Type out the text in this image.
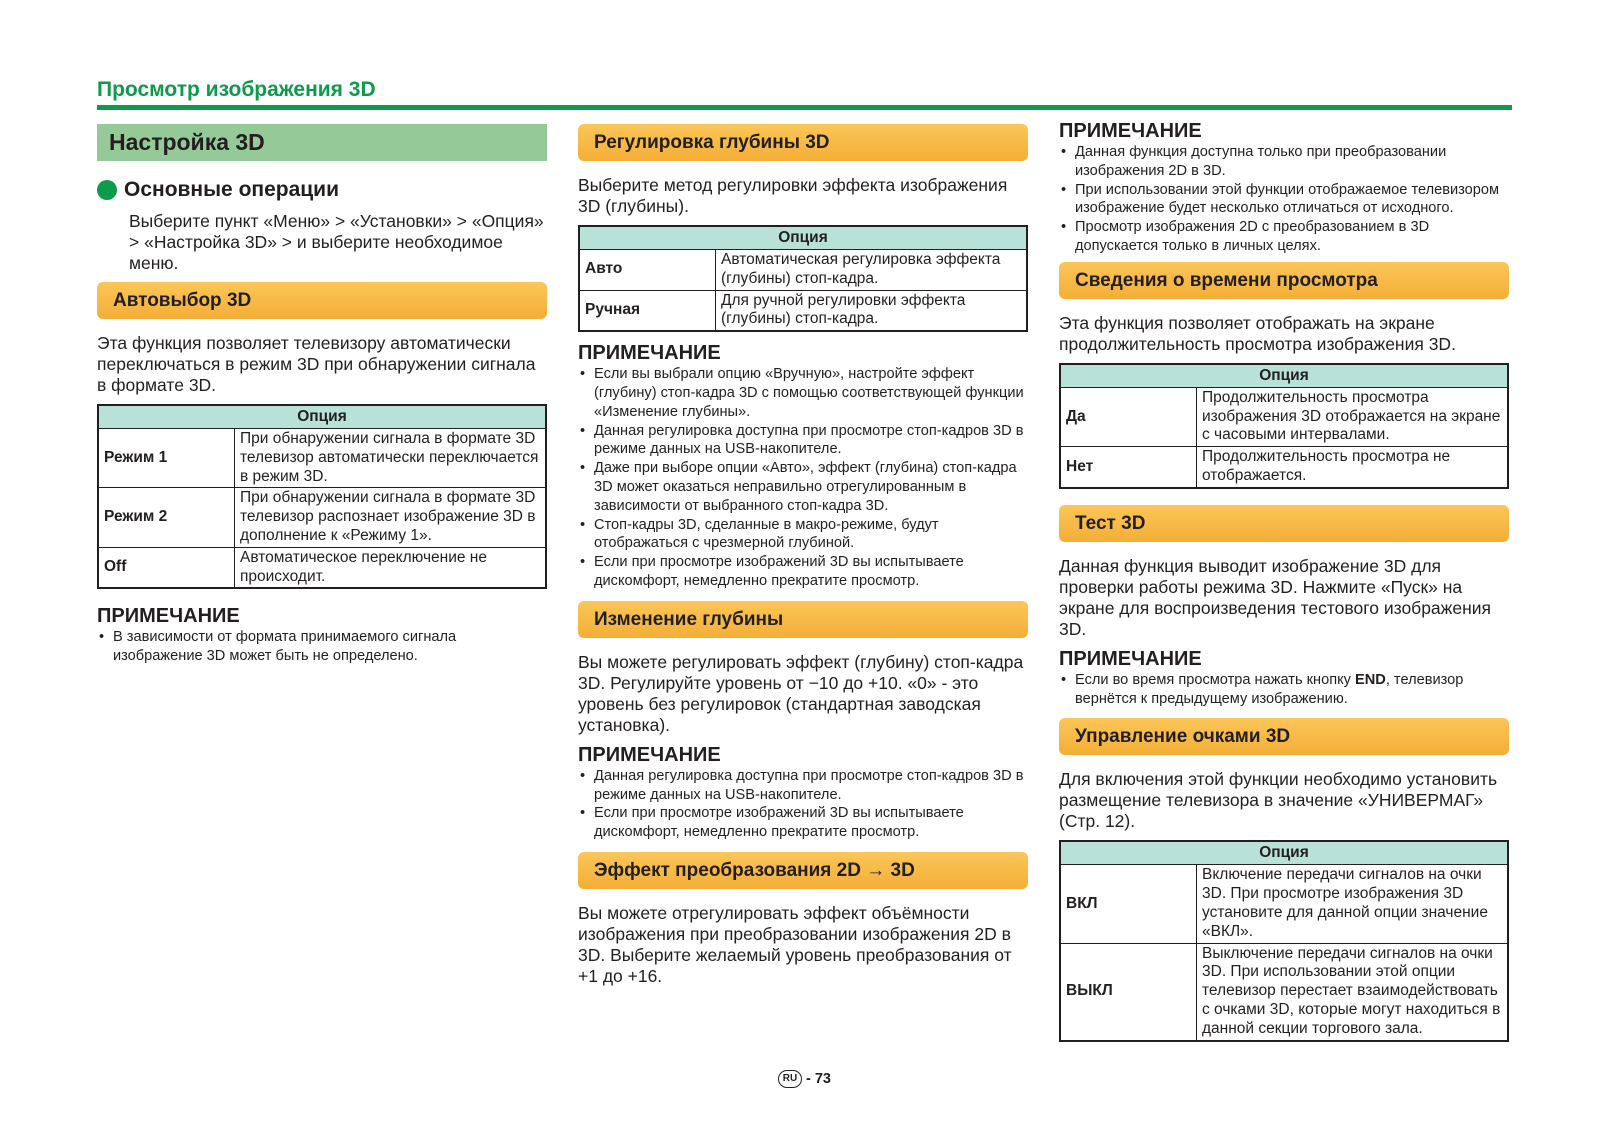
Просмотр изображения 3D
Настройка 3D
Основные операции

Выберите пункт «Меню» > «Установки» > «Опция» > «Настройка 3D» > и выберите необходимое меню.

Автовыбор 3D

Эта функция позволяет телевизору автоматически переключаться в режим 3D при обнаружении сигнала в формате 3D.

Опция	
Режим 1	При обнаружении сигнала в формате 3D телевизор автоматически переключается в режим 3D.
Режим 2	При обнаружении сигнала в формате 3D телевизор распознает изображение 3D в дополнение к «Режиму 1».
Off	Автоматическое переключение не происходит.
ПРИМЕЧАНИЕ
• В зависимости от формата принимаемого сигнала изображение 3D может быть не определено.
Регулировка глубины 3D

Выберите метод регулировки эффекта изображения 3D (глубины).

Опция	
Авто	Автоматическая регулировка эффекта (глубины) стоп-кадра.
Ручная	Для ручной регулировки эффекта (глубины) стоп-кадра.
ПРИМЕЧАНИЕ
• Если вы выбрали опцию «Вручную», настройте эффект (глубину) стоп-кадра 3D с помощью соответствующей функции «Изменение глубины».
• Данная регулировка доступна при просмотре стоп-кадров 3D в режиме данных на USB-накопителе.
• Даже при выборе опции «Авто», эффект (глубина) стоп-кадра 3D может оказаться неправильно отрегулированным в зависимости от выбранного стоп-кадра 3D.
• Стоп-кадры 3D, сделанные в макро-режиме, будут отображаться с чрезмерной глубиной.
• Если при просмотре изображений 3D вы испытываете дискомфорт, немедленно прекратите просмотр.
Изменение глубины

Вы можете регулировать эффект (глубину) стоп-кадра 3D. Регулируйте уровень от −10 до +10. «0» - это уровень без регулировок (стандартная заводская установка).

ПРИМЕЧАНИЕ
• Данная регулировка доступна при просмотре стоп-кадров 3D в режиме данных на USB-накопителе.
• Если при просмотре изображений 3D вы испытываете дискомфорт, немедленно прекратите просмотр.
Эффект преобразования 2D → 3D

Вы можете отрегулировать эффект объёмности изображения при преобразовании изображения 2D в 3D. Выберите желаемый уровень преобразования от +1 до +16.

ПРИМЕЧАНИЕ
• Данная функция доступна только при преобразовании изображения 2D в 3D.
• При использовании этой функции отображаемое телевизором изображение будет несколько отличаться от исходного.
• Просмотр изображения 2D с преобразованием в 3D допускается только в личных целях.
Сведения о времени просмотра

Эта функция позволяет отображать на экране продолжительность просмотра изображения 3D.

Опция	
Да	Продолжительность просмотра изображения 3D отображается на экране с часовыми интервалами.
Нет	Продолжительность просмотра не отображается.
Тест 3D

Данная функция выводит изображение 3D для проверки работы режима 3D. Нажмите «Пуск» на экране для воспроизведения тестового изображения 3D.

ПРИМЕЧАНИЕ
• Если во время просмотра нажать кнопку END, телевизор вернётся к предыдущему изображению.
Управление очками 3D

Для включения этой функции необходимо установить размещение телевизора в значение «УНИВЕРМАГ» (Стр. 12).

Опция	
ВКЛ	Включение передачи сигналов на очки 3D. При просмотре изображения 3D установите для данной опции значение «ВКЛ».
ВЫКЛ	Выключение передачи сигналов на очки 3D. При использовании этой опции телевизор перестает взаимодействовать с очками 3D, которые могут находиться в данной секции торгового зала.
RU - 73
